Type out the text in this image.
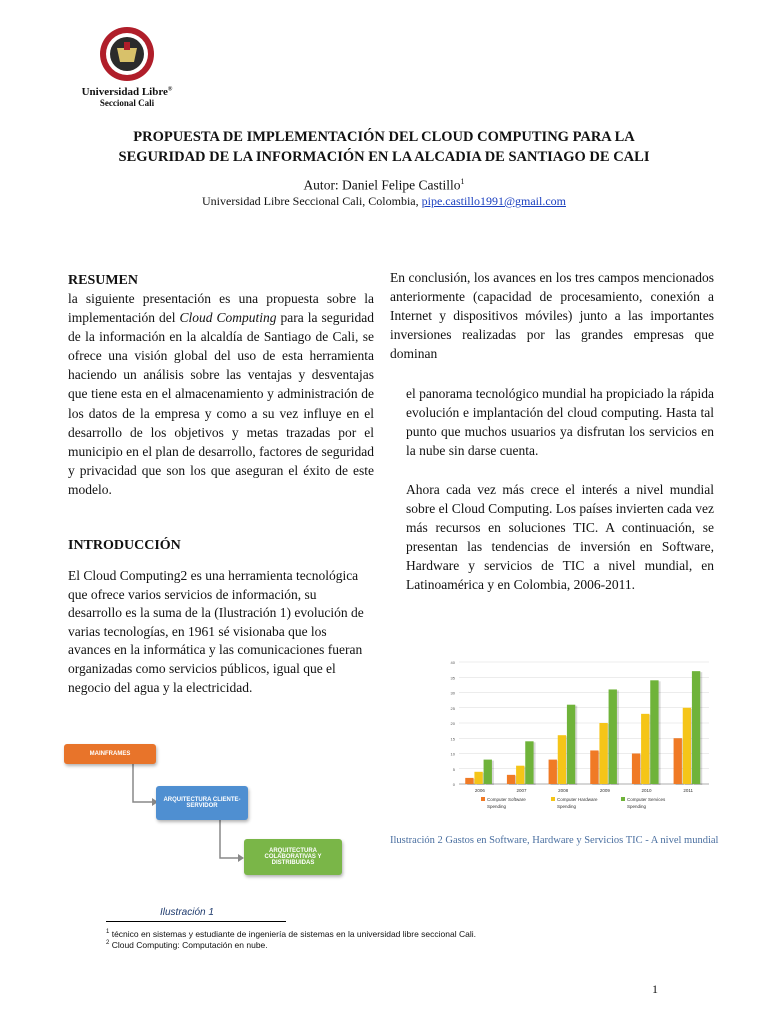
Universidad Libre®
Seccional Cali
PROPUESTA DE IMPLEMENTACIÓN DEL CLOUD COMPUTING PARA LA
SEGURIDAD DE LA INFORMACIÓN EN LA ALCADIA DE SANTIAGO DE CALI
Autor: Daniel Felipe Castillo$^1$
Universidad Libre Seccional Cali, Colombia, pipe.castillo1991@gmail.com
RESUMEN

la siguiente presentación es una propuesta sobre la implementación del Cloud Computing para la seguridad de la información en la alcaldía de Santiago de Cali, se ofrece una visión global del uso de esta herramienta haciendo un análisis sobre las ventajas y desventajas que tiene esta en el almacenamiento y administración de los datos de la empresa y como a su vez influye en el desarrollo de los objetivos y metas trazadas por el municipio en el plan de desarrollo, factores de seguridad y privacidad que son los que aseguran el éxito de este modelo.

INTRODUCCIÓN
El Cloud Computing2 es una herramienta tecnológica que ofrece varios servicios de información, su desarrollo es la suma de la (Ilustración 1) evolución de varias tecnologías, en 1961 sé visionaba que los avances en la informática y las comunicaciones fueran organizadas como servicios públicos, igual que el negocio del agua y la electricidad.
En conclusión, los avances en los tres campos mencionados anteriormente (capacidad de procesamiento, conexión a Internet y dispositivos móviles) junto a las importantes inversiones realizadas por las grandes empresas que dominan
el panorama tecnológico mundial ha propiciado la rápida evolución e implantación del cloud computing. Hasta tal punto que muchos usuarios ya disfrutan los servicios en la nube sin darse cuenta.
Ahora cada vez más crece el interés a nivel mundial sobre el Cloud Computing. Los países invierten cada vez más recursos en soluciones TIC. A continuación, se presentan las tendencias de inversión en Software, Hardware y servicios de TIC a nivel mundial, en Latinoamérica y en Colombia, 2006-2011.
MAINFRAMES
ARQUITECTURA CLIENTE-SERVIDOR
ARQUITECTURA COLABORATIVAS Y DISTRIBUIDAS
Ilustración 1
40
35
30
25
20
15
10
5
0
2006	2007	2008	2009	2010	2011
Computer Software
Spending
Computer Hardware
Spending
Computer Services
Spending
Ilustración 2 Gastos en Software, Hardware y Servicios TIC - A nivel mundial
$^1$ técnico en sistemas y estudiante de ingeniería de sistemas en la universidad libre seccional Cali.
$^2$ Cloud Computing: Computación en nube.
1
